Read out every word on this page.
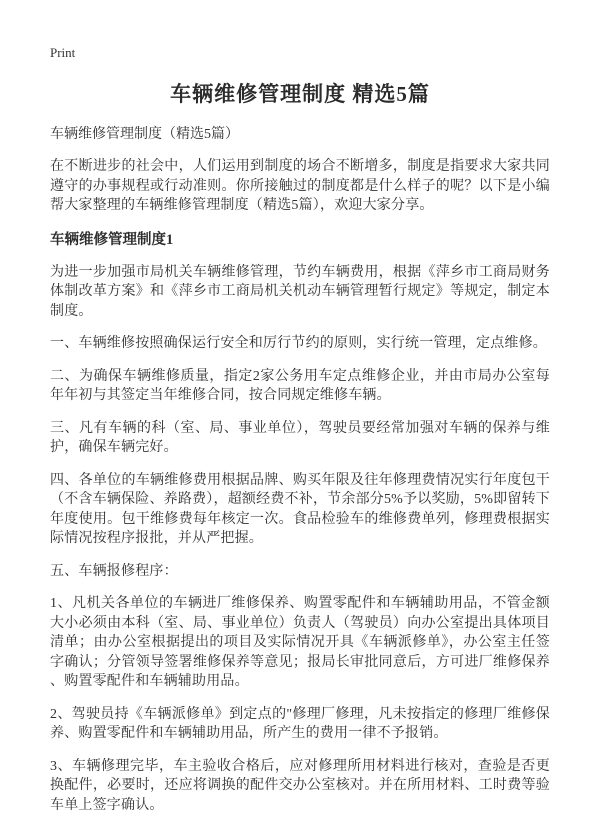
Print
车辆维修管理制度 精选5篇

车辆维修管理制度（精选5篇）

在不断进步的社会中，人们运用到制度的场合不断增多，制度是指要求大家共同遵守的办事规程或行动准则。你所接触过的制度都是什么样子的呢？以下是小编帮大家整理的车辆维修管理制度（精选5篇），欢迎大家分享。

车辆维修管理制度1

为进一步加强市局机关车辆维修管理，节约车辆费用，根据《萍乡市工商局财务体制改革方案》和《萍乡市工商局机关机动车辆管理暂行规定》等规定，制定本制度。

一、车辆维修按照确保运行安全和厉行节约的原则，实行统一管理，定点维修。

二、为确保车辆维修质量，指定2家公务用车定点维修企业，并由市局办公室每年年初与其签定当年维修合同，按合同规定维修车辆。

三、凡有车辆的科（室、局、事业单位），驾驶员要经常加强对车辆的保养与维护，确保车辆完好。

四、各单位的车辆维修费用根据品牌、购买年限及往年修理费情况实行年度包干（不含车辆保险、养路费），超额经费不补，节余部分5%予以奖励，5%即留转下年度使用。包干维修费每年核定一次。食品检验车的维修费单列，修理费根据实际情况按程序报批，并从严把握。

五、车辆报修程序：

1、凡机关各单位的车辆进厂维修保养、购置零配件和车辆辅助用品，不管金额大小必须由本科（室、局、事业单位）负责人（驾驶员）向办公室提出具体项目清单；由办公室根据提出的项目及实际情况开具《车辆派修单》，办公室主任签字确认；分管领导签署维修保养等意见；报局长审批同意后，方可进厂维修保养、购置零配件和车辆辅助用品。

2、驾驶员持《车辆派修单》到定点的"修理厂修理，凡未按指定的修理厂维修保养、购置零配件和车辆辅助用品，所产生的费用一律不予报销。

3、车辆修理完毕，车主验收合格后，应对修理所用材料进行核对，查验是否更换配件，必要时，还应将调换的配件交办公室核对。并在所用材料、工时费等验车单上签字确认。
